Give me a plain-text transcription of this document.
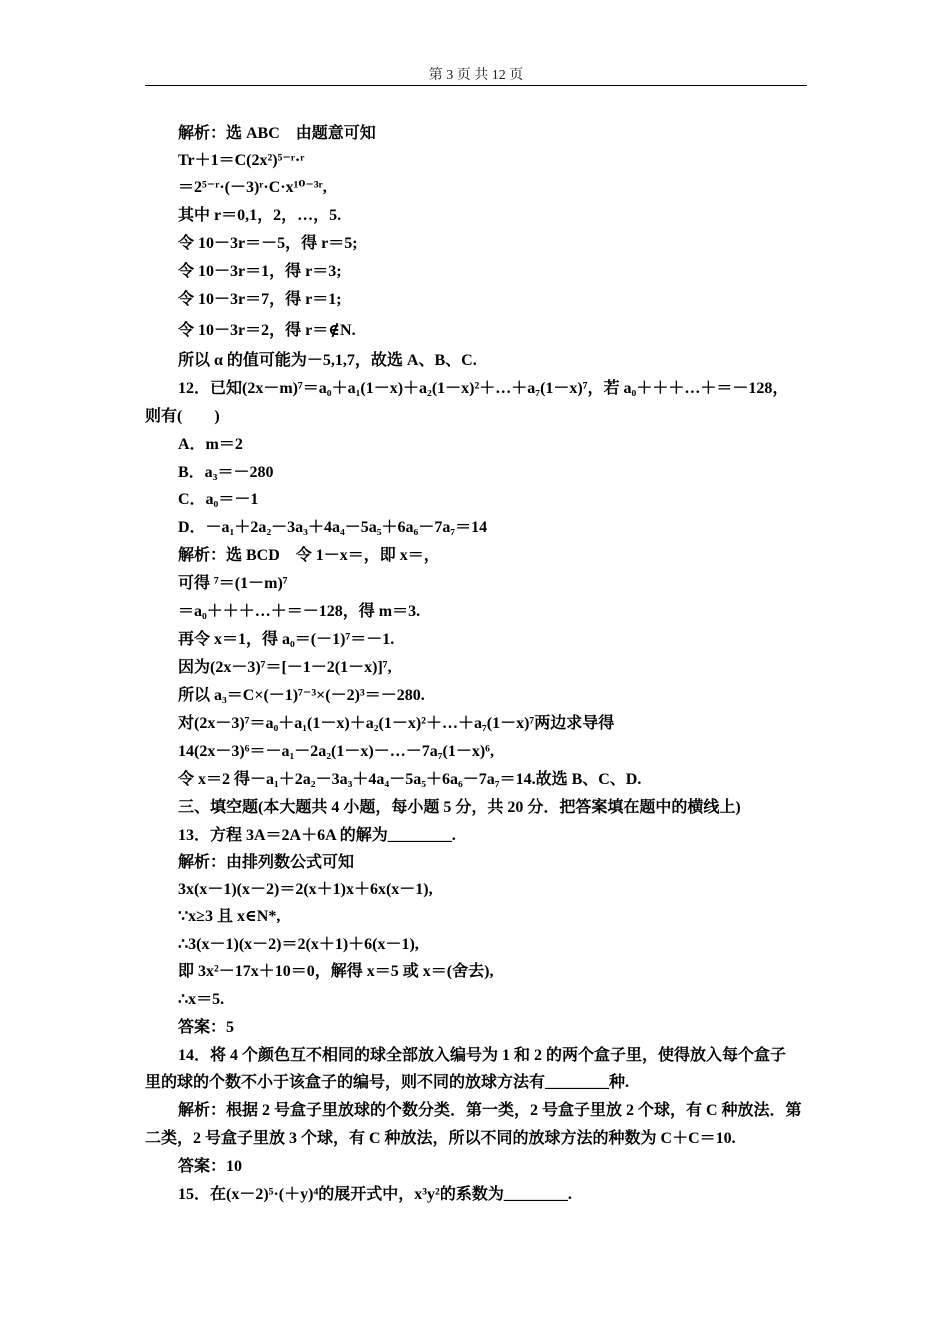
第 3 页 共 12 页
解析：选 ABC　由题意可知
Tr＋1＝C(2x²)⁵⁻ʳ·ʳ
＝2⁵⁻ʳ·(－3)ʳ·C·x¹⁰⁻³ʳ,
其中 r＝0,1，2，…，5.
令 10－3r＝－5，得 r＝5;
令 10－3r＝1，得 r＝3;
令 10－3r＝7，得 r＝1;
令 10－3r＝2，得 r＝∉N.
所以 α 的值可能为－5,1,7，故选 A、B、C.
12．已知(2x－m)⁷＝a₀＋a₁(1－x)＋a₂(1－x)²＋…＋a₇(1－x)⁷，若 a₀＋＋＋…＋＝－128，
则有(　　)
A．m＝2
B．a₃＝－280
C．a₀＝－1
D．－a₁＋2a₂－3a₃＋4a₄－5a₅＋6a₆－7a₇＝14
解析：选 BCD　令 1－x＝，即 x＝，
可得 ⁷＝(1－m)⁷
＝a₀＋＋＋…＋＝－128，得 m＝3.
再令 x＝1，得 a₀＝(－1)⁷＝－1.
因为(2x－3)⁷＝[－1－2(1－x)]⁷,
所以 a₃＝C×(－1)⁷⁻³×(－2)³＝－280.
对(2x－3)⁷＝a₀＋a₁(1－x)＋a₂(1－x)²＋…＋a₇(1－x)⁷两边求导得
14(2x－3)⁶＝－a₁－2a₂(1－x)－…－7a₇(1－x)⁶,
令 x＝2 得－a₁＋2a₂－3a₃＋4a₄－5a₅＋6a₆－7a₇＝14.故选 B、C、D.
三、填空题(本大题共 4 小题，每小题 5 分，共 20 分．把答案填在题中的横线上)
13．方程 3A＝2A＋6A 的解为________.
解析：由排列数公式可知
3x(x－1)(x－2)＝2(x＋1)x＋6x(x－1),
∵x≥3 且 x∈N*,
∴3(x－1)(x－2)＝2(x＋1)＋6(x－1),
即 3x²－17x＋10＝0，解得 x＝5 或 x＝(舍去),
∴x＝5.
答案：5
14．将 4 个颜色互不相同的球全部放入编号为 1 和 2 的两个盒子里，使得放入每个盒子
里的球的个数不小于该盒子的编号，则不同的放球方法有________种.
解析：根据 2 号盒子里放球的个数分类．第一类，2 号盒子里放 2 个球，有 C 种放法．第
二类，2 号盒子里放 3 个球，有 C 种放法，所以不同的放球方法的种数为 C＋C＝10.
答案：10
15．在(x－2)⁵·(＋y)⁴的展开式中，x³y²的系数为________.
